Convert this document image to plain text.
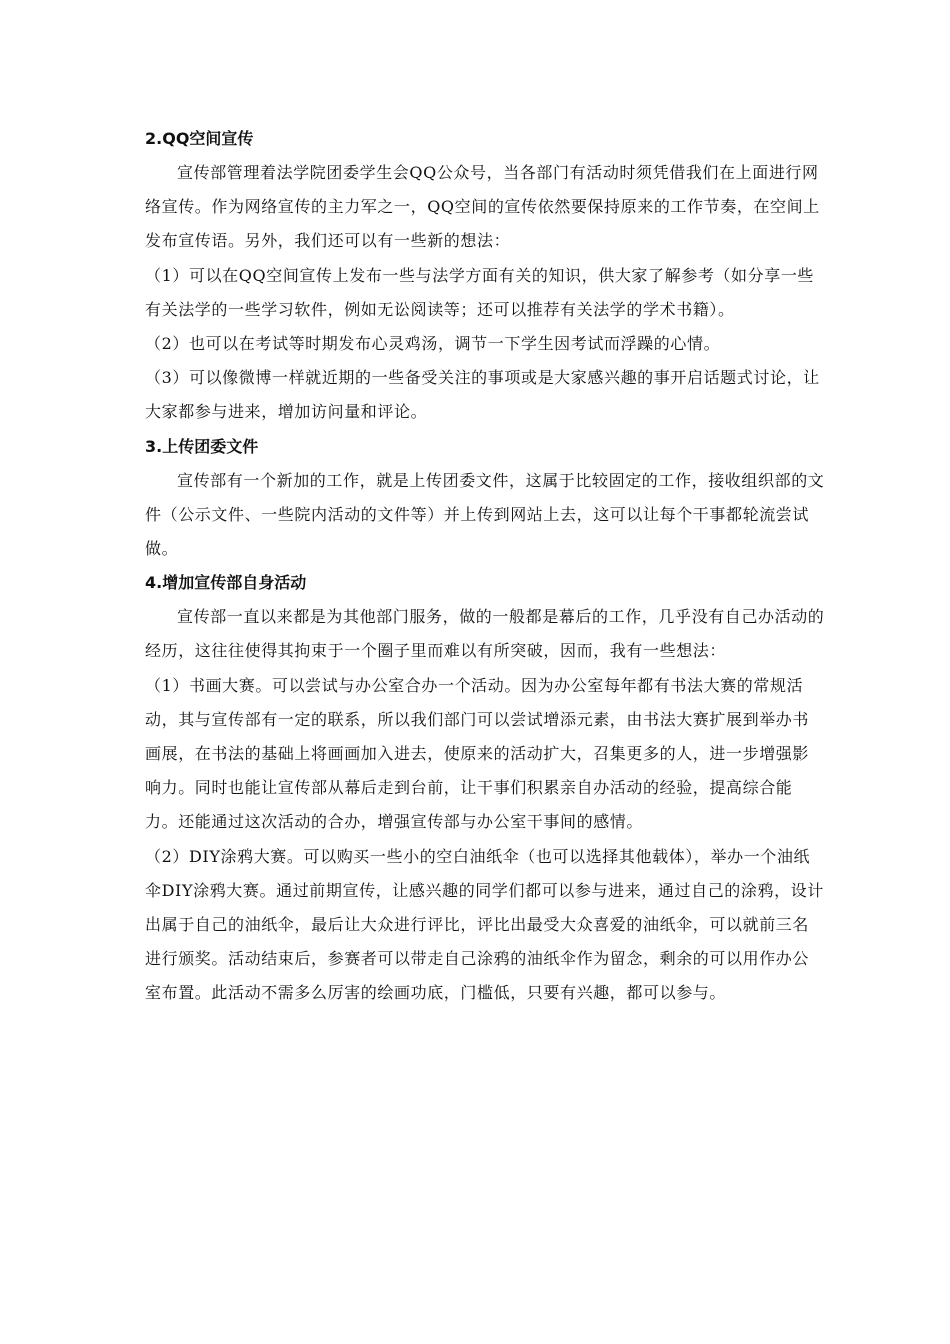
2.QQ空间宣传

宣传部管理着法学院团委学生会QQ公众号，当各部门有活动时须凭借我们在上面进行网络宣传。作为网络宣传的主力军之一，QQ空间的宣传依然要保持原来的工作节奏，在空间上发布宣传语。另外，我们还可以有一些新的想法：

（1）可以在QQ空间宣传上发布一些与法学方面有关的知识，供大家了解参考（如分享一些有关法学的一些学习软件，例如无讼阅读等；还可以推荐有关法学的学术书籍）。

（2）也可以在考试等时期发布心灵鸡汤，调节一下学生因考试而浮躁的心情。

（3）可以像微博一样就近期的一些备受关注的事项或是大家感兴趣的事开启话题式讨论，让大家都参与进来，增加访问量和评论。

3.上传团委文件

宣传部有一个新加的工作，就是上传团委文件，这属于比较固定的工作，接收组织部的文件（公示文件、一些院内活动的文件等）并上传到网站上去，这可以让每个干事都轮流尝试做。

4.增加宣传部自身活动

宣传部一直以来都是为其他部门服务，做的一般都是幕后的工作，几乎没有自己办活动的经历，这往往使得其拘束于一个圈子里而难以有所突破，因而，我有一些想法：

（1）书画大赛。可以尝试与办公室合办一个活动。因为办公室每年都有书法大赛的常规活动，其与宣传部有一定的联系，所以我们部门可以尝试增添元素，由书法大赛扩展到举办书画展，在书法的基础上将画画加入进去，使原来的活动扩大，召集更多的人，进一步增强影响力。同时也能让宣传部从幕后走到台前，让干事们积累亲自办活动的经验，提高综合能力。还能通过这次活动的合办，增强宣传部与办公室干事间的感情。

（2）DIY涂鸦大赛。可以购买一些小的空白油纸伞（也可以选择其他载体），举办一个油纸伞DIY涂鸦大赛。通过前期宣传，让感兴趣的同学们都可以参与进来，通过自己的涂鸦，设计出属于自己的油纸伞，最后让大众进行评比，评比出最受大众喜爱的油纸伞，可以就前三名进行颁奖。活动结束后，参赛者可以带走自己涂鸦的油纸伞作为留念，剩余的可以用作办公室布置。此活动不需多么厉害的绘画功底，门槛低，只要有兴趣，都可以参与。
